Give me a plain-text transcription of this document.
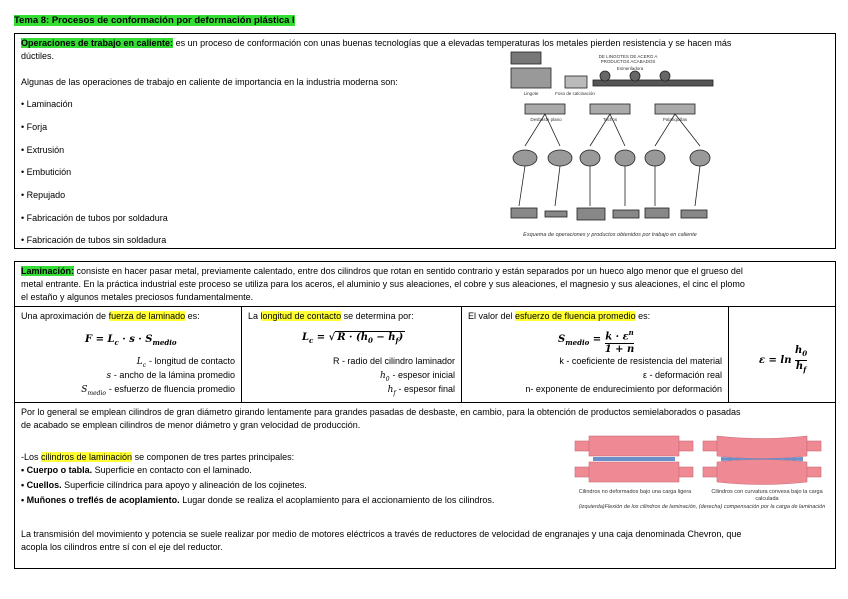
Tema 8: Procesos de conformación por deformación plástica I
Operaciones de trabajo en caliente: es un proceso de conformación con unas buenas tecnologías que a elevadas temperaturas los metales pierden resistencia y se hacen más
dúctiles.
Algunas de las operaciones de trabajo en caliente de importancia en la industria moderna son:
• Laminación
• Forja
• Extrusión
• Embutición
• Repujado
• Fabricación de tubos por soldadura
• Fabricación de tubos sin soldadura
DE LINGOTES DE ACERO A PRODUCTOS ACABADOS
Esmeriladora
Lingote	Foso de calcinación
Desbaste plano	Tochos	Palanquillas
Esquema de operaciones y productos obtenidos por trabajo en caliente
Laminación: consiste en hacer pasar metal, previamente calentado, entre dos cilindros que rotan en sentido contrario y están separados por un hueco algo menor que el grueso del
metal entrante. En la práctica industrial este proceso se utiliza para los aceros, el aluminio y sus aleaciones, el cobre y sus aleaciones, el magnesio y sus aleaciones, el cinc el plomo
el estaño y algunos metales preciosos fundamentalmente.
Una aproximación de fuerza de laminado es:
$F = L_c \cdot s \cdot S_{medio}$
$L_c$ - longitud de contacto
s - ancho de la lámina promedio
$S_{medio}$ - esfuerzo de fluencia promedio
La longitud de contacto se determina por:
$L_c$ = √ $R \cdot (h_0 - h_f)$
R - radio del cilindro laminador
$h_0$ - espesor inicial
$h_f$ - espesor final
El valor del esfuerzo de fluencia promedio es:
$S_{medio} = \frac{k \cdot \varepsilon^n}{1 + n}$
k - coeficiente de resistencia del material
ε - deformación real
n- exponente de endurecimiento por deformación
$\varepsilon = \ln \frac{h_0}{h_f}$
Por lo general se emplean cilindros de gran diámetro girando lentamente para grandes pasadas de desbaste, en cambio, para la obtención de productos semielaborados o pasadas
de acabado se emplean cilindros de menor diámetro y gran velocidad de producción.
-Los cilindros de laminación se componen de tres partes principales:
• Cuerpo o tabla. Superficie en contacto con el laminado.
• Cuellos. Superficie cilíndrica para apoyo y alineación de los cojinetes.
• Muñones o treflés de acoplamiento. Lugar donde se realiza el acoplamiento para el accionamiento de los cilindros.
Cilindros no deformados bajo una carga ligera	Cilindros con curvatura convexa bajo la carga calculada
(izquierda)Flexión de los cilindros de laminación, (derecha) compensación por la carga de laminación
La transmisión del movimiento y potencia se suele realizar por medio de motores eléctricos a través de reductores de velocidad de engranajes y una caja denominada Chevron, que
acopla los cilindros entre sí con el eje del reductor.
